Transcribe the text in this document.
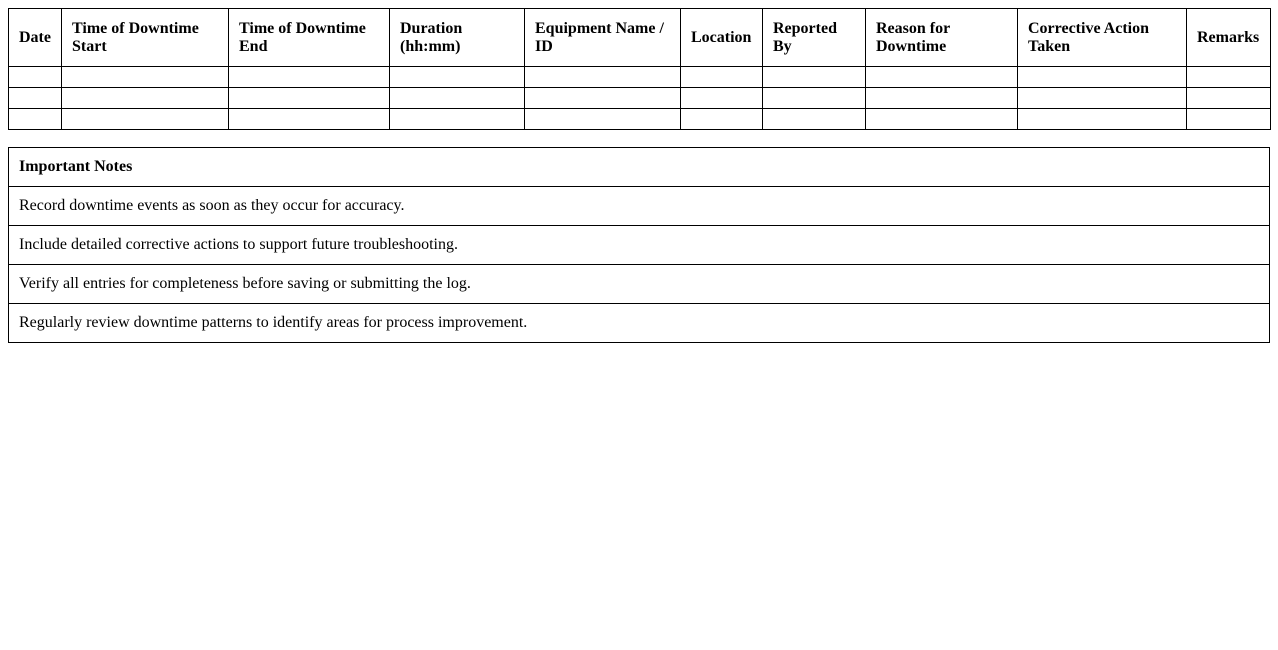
Date	Time of Downtime Start	Time of Downtime End	Duration (hh:mm)	Equipment Name / ID	Location	Reported By	Reason for Downtime	Corrective Action Taken	Remarks

Important Notes
Record downtime events as soon as they occur for accuracy.
Include detailed corrective actions to support future troubleshooting.
Verify all entries for completeness before saving or submitting the log.
Regularly review downtime patterns to identify areas for process improvement.
